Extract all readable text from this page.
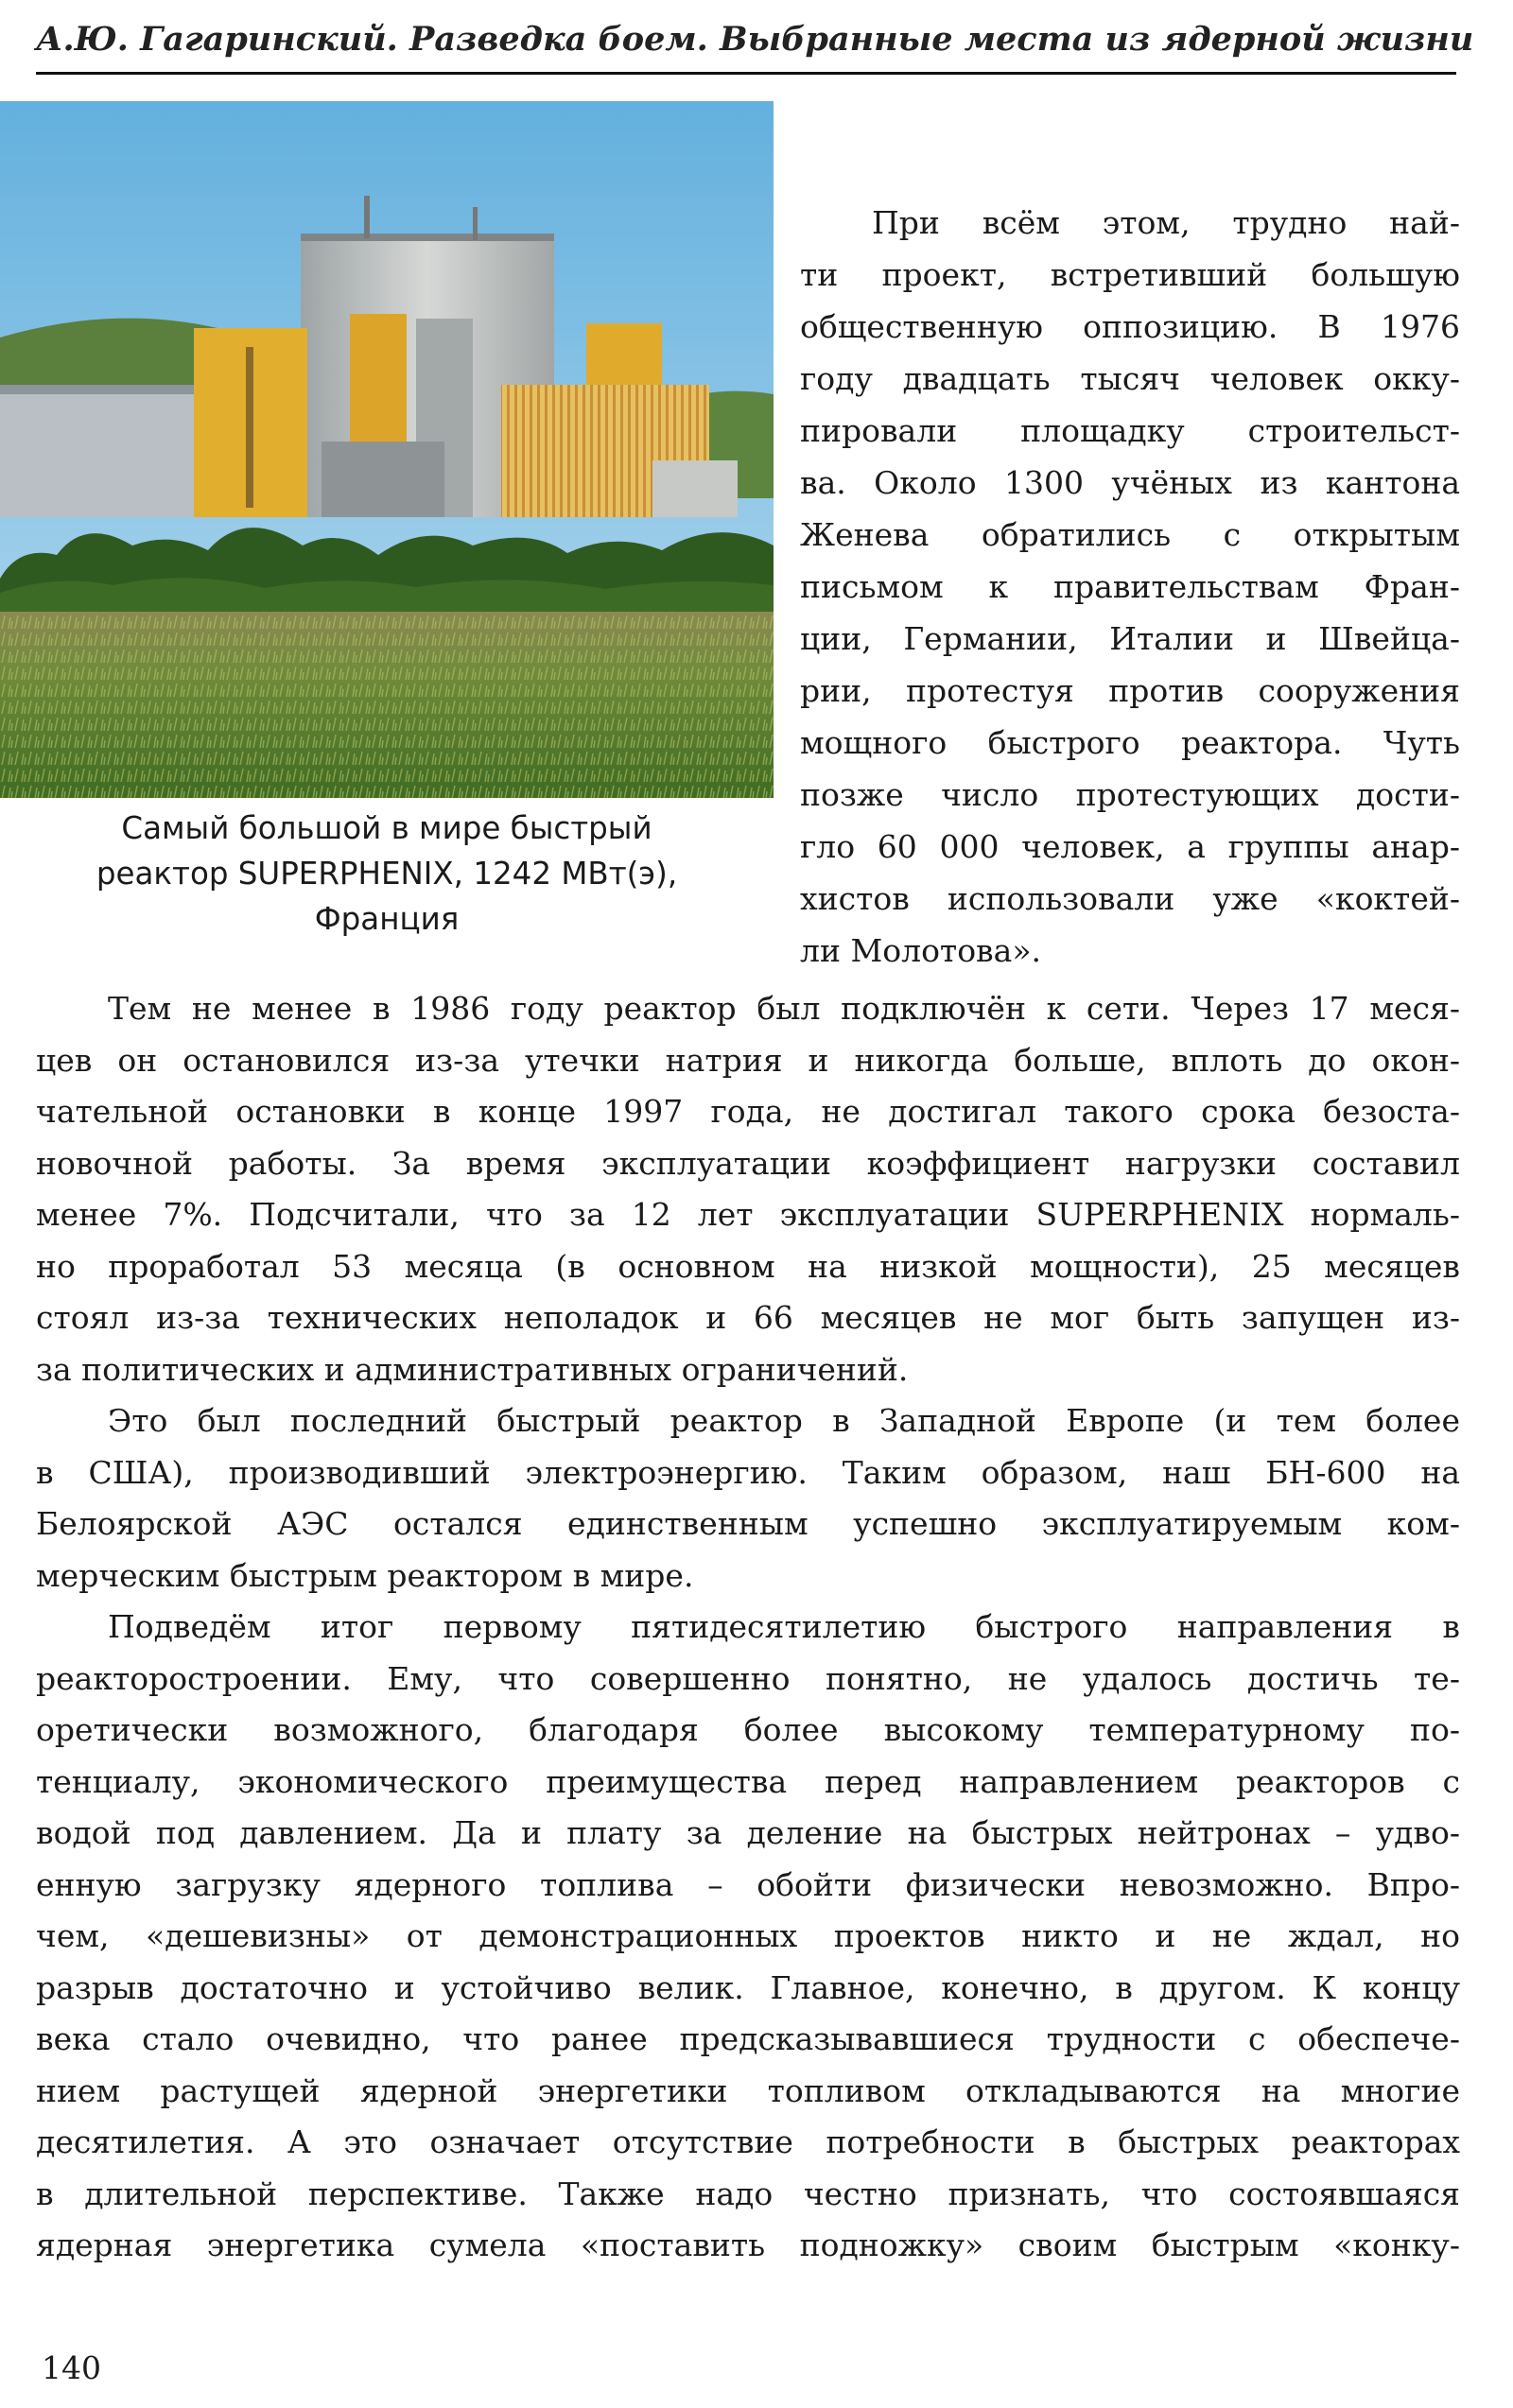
А.Ю. Гагаринский. Разведка боем. Выбранные места из ядерной жизни
Самый большой в мире быстрый
реактор SUPERPHENIX, 1242 МВт(э),
Франция
При всём этом, трудно най-
ти проект, встретивший большую
общественную оппозицию. В 1976
году двадцать тысяч человек окку-
пировали площадку строительст-
ва. Около 1300 учёных из кантона
Женева обратились с открытым
письмом к правительствам Фран-
ции, Германии, Италии и Швейца-
рии, протестуя против сооружения
мощного быстрого реактора. Чуть
позже число протестующих дости-
гло 60 000 человек, а группы анар-
хистов использовали уже «коктей-
ли Молотова».
Тем не менее в 1986 году реактор был подключён к сети. Через 17 меся-
цев он остановился из-за утечки натрия и никогда больше, вплоть до окон-
чательной остановки в конце 1997 года, не достигал такого срока безоста-
новочной работы. За время эксплуатации коэффициент нагрузки составил
менее 7%. Подсчитали, что за 12 лет эксплуатации SUPERPHENIX нормаль-
но проработал 53 месяца (в основном на низкой мощности), 25 месяцев
стоял из-за технических неполадок и 66 месяцев не мог быть запущен из-
за политических и административных ограничений.
Это был последний быстрый реактор в Западной Европе (и тем более
в США), производивший электроэнергию. Таким образом, наш БН-600 на
Белоярской АЭС остался единственным успешно эксплуатируемым ком-
мерческим быстрым реактором в мире.
Подведём итог первому пятидесятилетию быстрого направления в
реакторостроении. Ему, что совершенно понятно, не удалось достичь те-
оретически возможного, благодаря более высокому температурному по-
тенциалу, экономического преимущества перед направлением реакторов с
водой под давлением. Да и плату за деление на быстрых нейтронах – удво-
енную загрузку ядерного топлива – обойти физически невозможно. Впро-
чем, «дешевизны» от демонстрационных проектов никто и не ждал, но
разрыв достаточно и устойчиво велик. Главное, конечно, в другом. К концу
века стало очевидно, что ранее предсказывавшиеся трудности с обеспече-
нием растущей ядерной энергетики топливом откладываются на многие
десятилетия. А это означает отсутствие потребности в быстрых реакторах
в длительной перспективе. Также надо честно признать, что состоявшаяся
ядерная энергетика сумела «поставить подножку» своим быстрым «конку-
140
